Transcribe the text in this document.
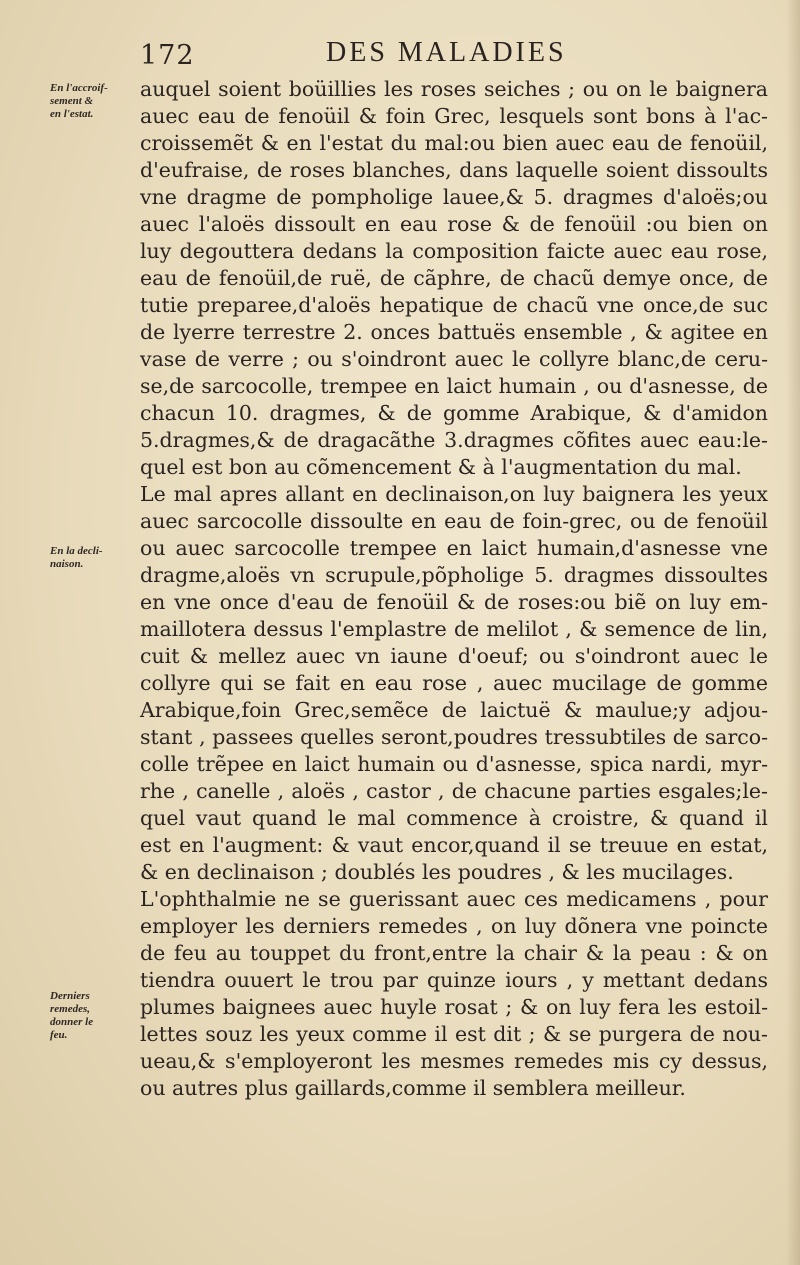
172	DES MALADIES
En l'accroif-
sement &
en l'estat.
En la decli-
naison.
Derniers
remedes,
donner le
feu.
auquel soient boüillies les roses seiches ; ou on le baignera
auec eau de fenoüil & foin Grec, lesquels sont bons à l'ac-
croissemẽt & en l'estat du mal:ou bien auec eau de fenoüil,
d'eufraise, de roses blanches, dans laquelle soient dissoults
vne dragme de pompholige lauee,& 5. dragmes d'aloës;ou
auec l'aloës dissoult en eau rose & de fenoüil :ou bien on
luy degouttera dedans la composition faicte auec eau rose,
eau de fenoüil,de ruë, de cãphre, de chacũ demye once, de
tutie preparee,d'aloës hepatique de chacũ vne once,de suc
de lyerre terrestre 2. onces battuës ensemble , & agitee en
vase de verre ; ou s'oindront auec le collyre blanc,de ceru-
se,de sarcocolle, trempee en laict humain , ou d'asnesse, de
chacun 10. dragmes, & de gomme Arabique, & d'amidon
5.dragmes,& de dragacãthe 3.dragmes cõfites auec eau:le-
quel est bon au cõmencement & à l'augmentation du mal.
Le mal apres allant en declinaison,on luy baignera les yeux
auec sarcocolle dissoulte en eau de foin-grec, ou de fenoüil
ou auec sarcocolle trempee en laict humain,d'asnesse vne
dragme,aloës vn scrupule,põpholige 5. dragmes dissoultes
en vne once d'eau de fenoüil & de roses:ou biẽ on luy em-
maillotera dessus l'emplastre de melilot , & semence de lin,
cuit & mellez auec vn iaune d'oeuf; ou s'oindront auec le
collyre qui se fait en eau rose , auec mucilage de gomme
Arabique,foin Grec,semẽce de laictuë & maulue;y adjou-
stant , passees quelles seront,poudres tressubtiles de sarco-
colle trẽpee en laict humain ou d'asnesse, spica nardi, myr-
rhe , canelle , aloës , castor , de chacune parties esgales;le-
quel vaut quand le mal commence à croistre, & quand il
est en l'augment: & vaut encor,quand il se treuue en estat,
& en declinaison ; doublés les poudres , & les mucilages.
L'ophthalmie ne se guerissant auec ces medicamens , pour
employer les derniers remedes , on luy dõnera vne poincte
de feu au touppet du front,entre la chair & la peau : & on
tiendra ouuert le trou par quinze iours , y mettant dedans
plumes baignees auec huyle rosat ; & on luy fera les estoil-
lettes souz les yeux comme il est dit ; & se purgera de nou-
ueau,& s'employeront les mesmes remedes mis cy dessus,
ou autres plus gaillards,comme il semblera meilleur.
